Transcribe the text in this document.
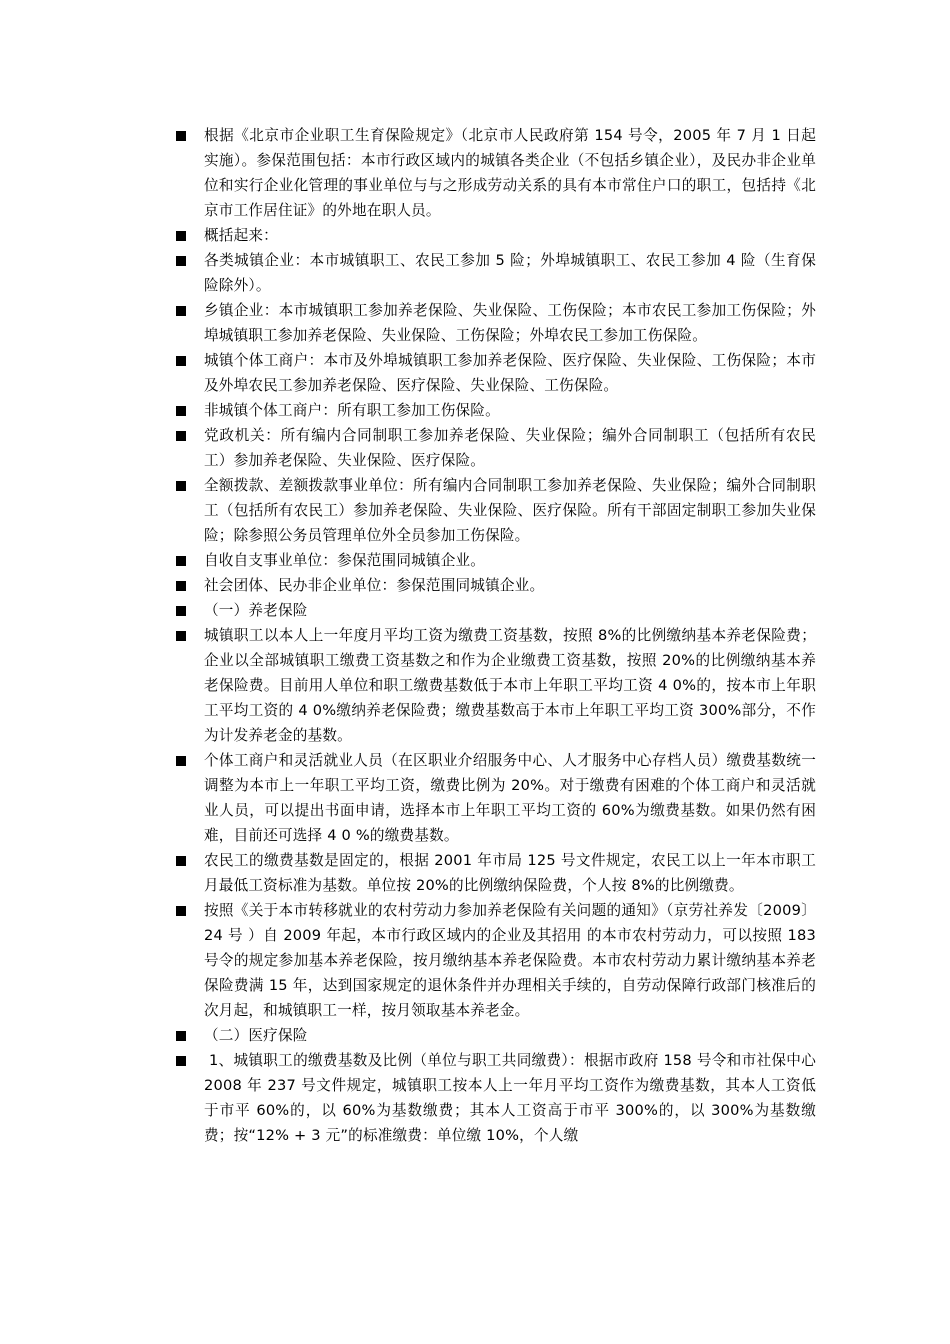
根据《北京市企业职工生育保险规定》（北京市人民政府第 154 号令，2005 年 7 月 1 日起实施）。参保范围包括：本市行政区域内的城镇各类企业（不包括乡镇企业），及民办非企业单位和实行企业化管理的事业单位与与之形成劳动关系的具有本市常住户口的职工，包括持《北京市工作居住证》的外地在职人员。
概括起来：
各类城镇企业：本市城镇职工、农民工参加 5 险；外埠城镇职工、农民工参加 4 险（生育保险除外）。
乡镇企业：本市城镇职工参加养老保险、失业保险、工伤保险；本市农民工参加工伤保险；外埠城镇职工参加养老保险、失业保险、工伤保险；外埠农民工参加工伤保险。
城镇个体工商户：本市及外埠城镇职工参加养老保险、医疗保险、失业保险、工伤保险；本市及外埠农民工参加养老保险、医疗保险、失业保险、工伤保险。
非城镇个体工商户：所有职工参加工伤保险。
党政机关：所有编内合同制职工参加养老保险、失业保险；编外合同制职工（包括所有农民工）参加养老保险、失业保险、医疗保险。
全额拨款、差额拨款事业单位：所有编内合同制职工参加养老保险、失业保险；编外合同制职工（包括所有农民工）参加养老保险、失业保险、医疗保险。所有干部固定制职工参加失业保险；除参照公务员管理单位外全员参加工伤保险。
自收自支事业单位：参保范围同城镇企业。
社会团体、民办非企业单位：参保范围同城镇企业。
（一）养老保险
城镇职工以本人上一年度月平均工资为缴费工资基数，按照 8%的比例缴纳基本养老保险费；企业以全部城镇职工缴费工资基数之和作为企业缴费工资基数，按照 20%的比例缴纳基本养老保险费。目前用人单位和职工缴费基数低于本市上年职工平均工资 4 0%的，按本市上年职工平均工资的 4 0%缴纳养老保险费；缴费基数高于本市上年职工平均工资 300%部分，不作为计发养老金的基数。
个体工商户和灵活就业人员（在区职业介绍服务中心、人才服务中心存档人员）缴费基数统一调整为本市上一年职工平均工资，缴费比例为 20%。对于缴费有困难的个体工商户和灵活就业人员，可以提出书面申请，选择本市上年职工平均工资的 60%为缴费基数。如果仍然有困难，目前还可选择 4 0 %的缴费基数。
农民工的缴费基数是固定的，根据 2001 年市局 125 号文件规定，农民工以上一年本市职工月最低工资标准为基数。单位按 20%的比例缴纳保险费，个人按 8%的比例缴费。
按照《关于本市转移就业的农村劳动力参加养老保险有关问题的通知》（京劳社养发〔2009〕24 号 ）自 2009 年起，本市行政区域内的企业及其招用 的本市农村劳动力，可以按照 183 号令的规定参加基本养老保险，按月缴纳基本养老保险费。本市农村劳动力累计缴纳基本养老保险费满 15 年，达到国家规定的退休条件并办理相关手续的，自劳动保障行政部门核准后的次月起，和城镇职工一样，按月领取基本养老金。
（二）医疗保险
1、城镇职工的缴费基数及比例（单位与职工共同缴费）：根据市政府 158 号令和市社保中心 2008 年 237 号文件规定，城镇职工按本人上一年月平均工资作为缴费基数，其本人工资低于市平 60%的，以 60%为基数缴费；其本人工资高于市平 300%的，以 300%为基数缴费；按“12% + 3 元”的标准缴费：单位缴 10%，个人缴
